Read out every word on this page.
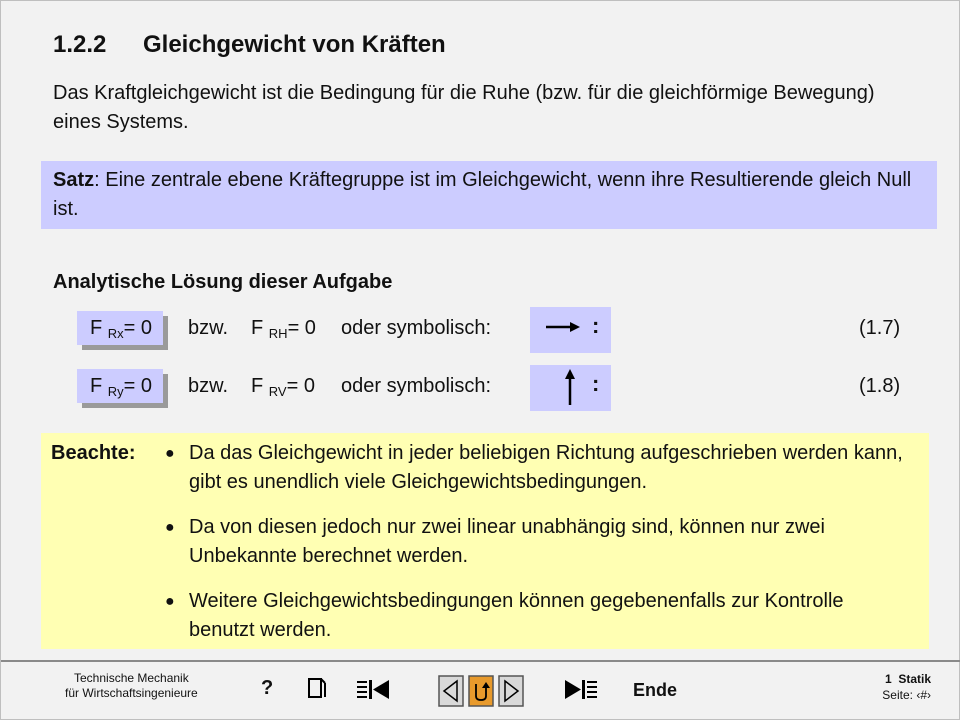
1.2.2 Gleichgewicht von Kräften
Das Kraftgleichgewicht ist die Bedingung für die Ruhe (bzw. für die gleichförmige Bewegung) eines Systems.
Satz: Eine zentrale ebene Kräftegruppe ist im Gleichgewicht, wenn ihre Resultierende gleich Null ist.
Analytische Lösung dieser Aufgabe
F $_{Rx}$= 0	bzw. F $_{RH}$= 0 oder symbolisch:	:	(1.7)
F $_{Ry}$= 0	bzw. F $_{RV}$= 0 oder symbolisch:	:	(1.8)
Beachte: ● Da das Gleichgewicht in jeder beliebigen Richtung aufgeschrieben werden kann, gibt es unendlich viele Gleichgewichtsbedingungen.
● Da von diesen jedoch nur zwei linear unabhängig sind, können nur zwei Unbekannte berechnet werden.
● Weitere Gleichgewichtsbedingungen können gegebenenfalls zur Kontrolle benutzt werden.
Technische Mechanik
für Wirtschaftsingenieure	?	Ende
1 Statik
Seite: ‹#›
